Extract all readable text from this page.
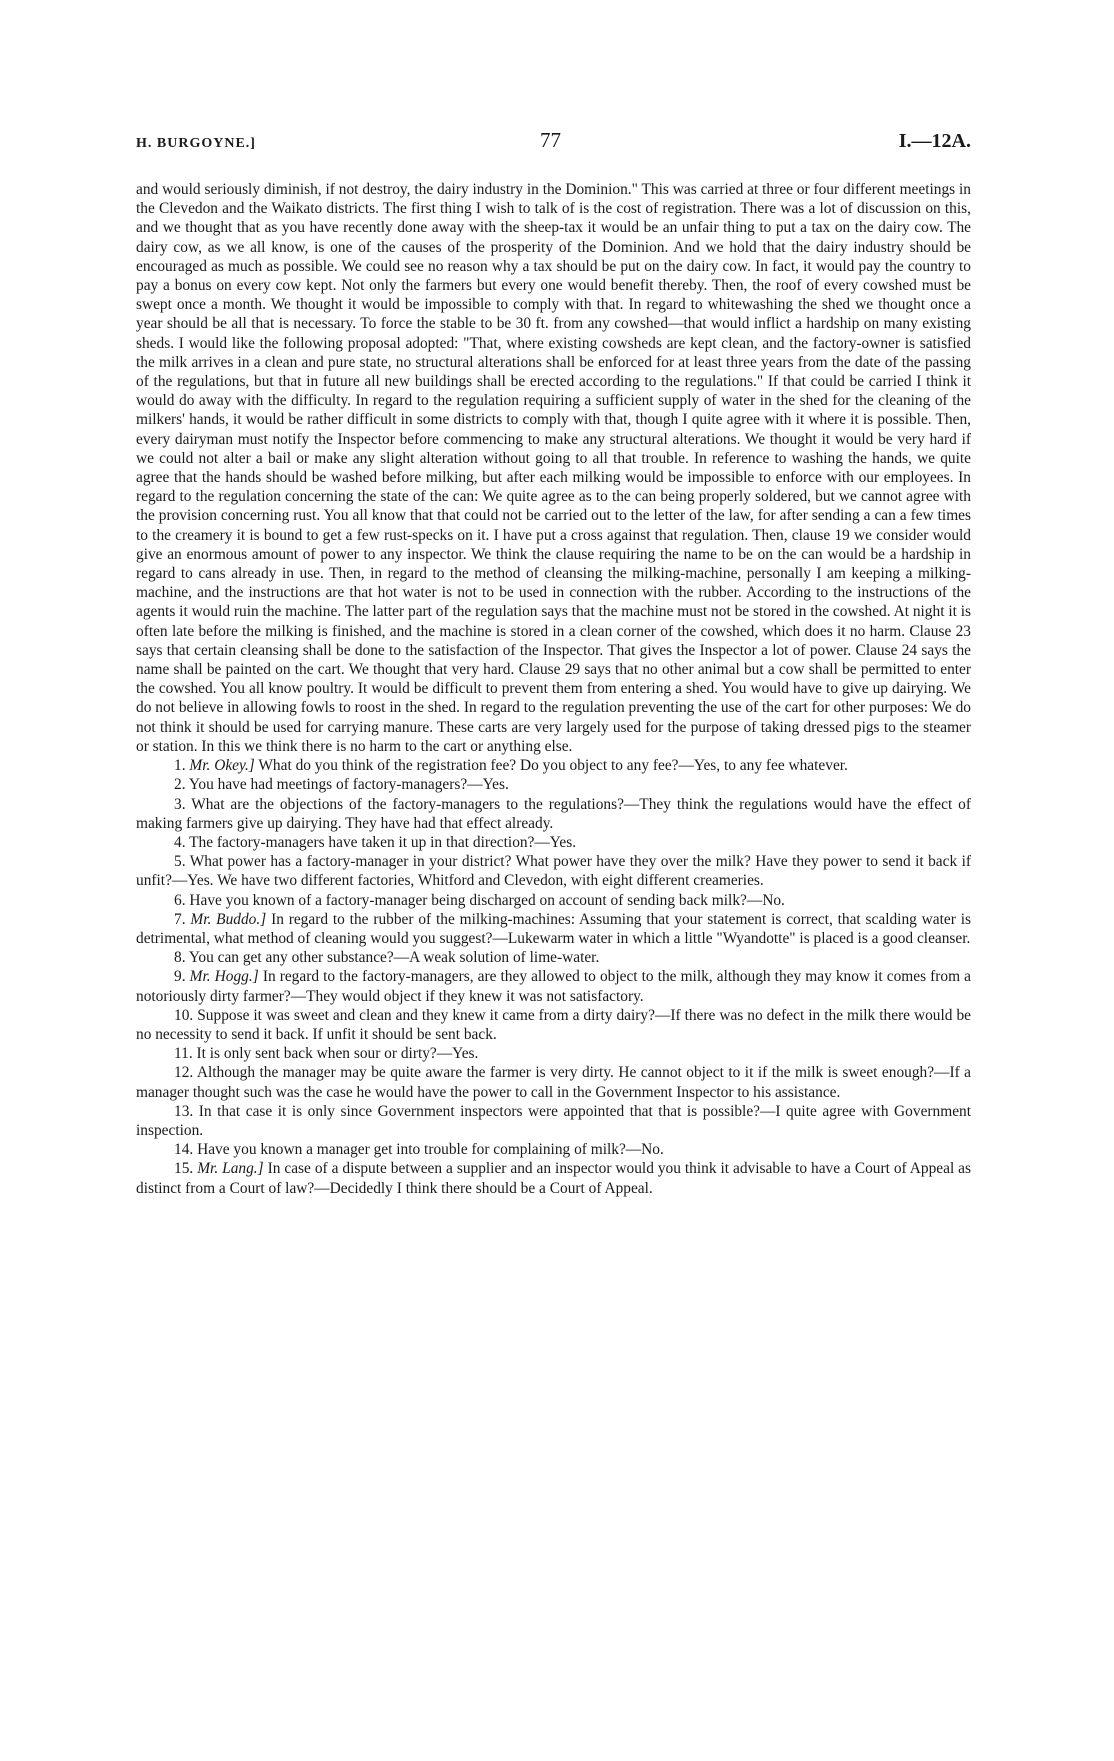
H. BURGOYNE.]	77	I.—12A.

and would seriously diminish, if not destroy, the dairy industry in the Dominion." This was carried at three or four different meetings in the Clevedon and the Waikato districts. The first thing I wish to talk of is the cost of registration. There was a lot of discussion on this, and we thought that as you have recently done away with the sheep-tax it would be an unfair thing to put a tax on the dairy cow. The dairy cow, as we all know, is one of the causes of the prosperity of the Dominion. And we hold that the dairy industry should be encouraged as much as possible. We could see no reason why a tax should be put on the dairy cow. In fact, it would pay the country to pay a bonus on every cow kept. Not only the farmers but every one would benefit thereby. Then, the roof of every cowshed must be swept once a month. We thought it would be impossible to comply with that. In regard to whitewashing the shed we thought once a year should be all that is necessary. To force the stable to be 30 ft. from any cowshed—that would inflict a hardship on many existing sheds. I would like the following proposal adopted: "That, where existing cowsheds are kept clean, and the factory-owner is satisfied the milk arrives in a clean and pure state, no structural alterations shall be enforced for at least three years from the date of the passing of the regulations, but that in future all new buildings shall be erected according to the regulations." If that could be carried I think it would do away with the difficulty. In regard to the regulation requiring a sufficient supply of water in the shed for the cleaning of the milkers' hands, it would be rather difficult in some districts to comply with that, though I quite agree with it where it is possible. Then, every dairyman must notify the Inspector before commencing to make any structural alterations. We thought it would be very hard if we could not alter a bail or make any slight alteration without going to all that trouble. In reference to washing the hands, we quite agree that the hands should be washed before milking, but after each milking would be impossible to enforce with our employees. In regard to the regulation concerning the state of the can: We quite agree as to the can being properly soldered, but we cannot agree with the provision concerning rust. You all know that that could not be carried out to the letter of the law, for after sending a can a few times to the creamery it is bound to get a few rust-specks on it. I have put a cross against that regulation. Then, clause 19 we consider would give an enormous amount of power to any inspector. We think the clause requiring the name to be on the can would be a hardship in regard to cans already in use. Then, in regard to the method of cleansing the milking-machine, personally I am keeping a milking-machine, and the instructions are that hot water is not to be used in connection with the rubber. According to the instructions of the agents it would ruin the machine. The latter part of the regulation says that the machine must not be stored in the cowshed. At night it is often late before the milking is finished, and the machine is stored in a clean corner of the cowshed, which does it no harm. Clause 23 says that certain cleansing shall be done to the satisfaction of the Inspector. That gives the Inspector a lot of power. Clause 24 says the name shall be painted on the cart. We thought that very hard. Clause 29 says that no other animal but a cow shall be permitted to enter the cowshed. You all know poultry. It would be difficult to prevent them from entering a shed. You would have to give up dairying. We do not believe in allowing fowls to roost in the shed. In regard to the regulation preventing the use of the cart for other purposes: We do not think it should be used for carrying manure. These carts are very largely used for the purpose of taking dressed pigs to the steamer or station. In this we think there is no harm to the cart or anything else.

1. Mr. Okey.] What do you think of the registration fee? Do you object to any fee?—Yes, to any fee whatever.

2. You have had meetings of factory-managers?—Yes.

3. What are the objections of the factory-managers to the regulations?—They think the regulations would have the effect of making farmers give up dairying. They have had that effect already.

4. The factory-managers have taken it up in that direction?—Yes.

5. What power has a factory-manager in your district? What power have they over the milk? Have they power to send it back if unfit?—Yes. We have two different factories, Whitford and Clevedon, with eight different creameries.

6. Have you known of a factory-manager being discharged on account of sending back milk?—No.

7. Mr. Buddo.] In regard to the rubber of the milking-machines: Assuming that your statement is correct, that scalding water is detrimental, what method of cleaning would you suggest?—Lukewarm water in which a little "Wyandotte" is placed is a good cleanser.

8. You can get any other substance?—A weak solution of lime-water.

9. Mr. Hogg.] In regard to the factory-managers, are they allowed to object to the milk, although they may know it comes from a notoriously dirty farmer?—They would object if they knew it was not satisfactory.

10. Suppose it was sweet and clean and they knew it came from a dirty dairy?—If there was no defect in the milk there would be no necessity to send it back. If unfit it should be sent back.

11. It is only sent back when sour or dirty?—Yes.

12. Although the manager may be quite aware the farmer is very dirty. He cannot object to it if the milk is sweet enough?—If a manager thought such was the case he would have the power to call in the Government Inspector to his assistance.

13. In that case it is only since Government inspectors were appointed that that is possible?—I quite agree with Government inspection.

14. Have you known a manager get into trouble for complaining of milk?—No.

15. Mr. Lang.] In case of a dispute between a supplier and an inspector would you think it advisable to have a Court of Appeal as distinct from a Court of law?—Decidedly I think there should be a Court of Appeal.
